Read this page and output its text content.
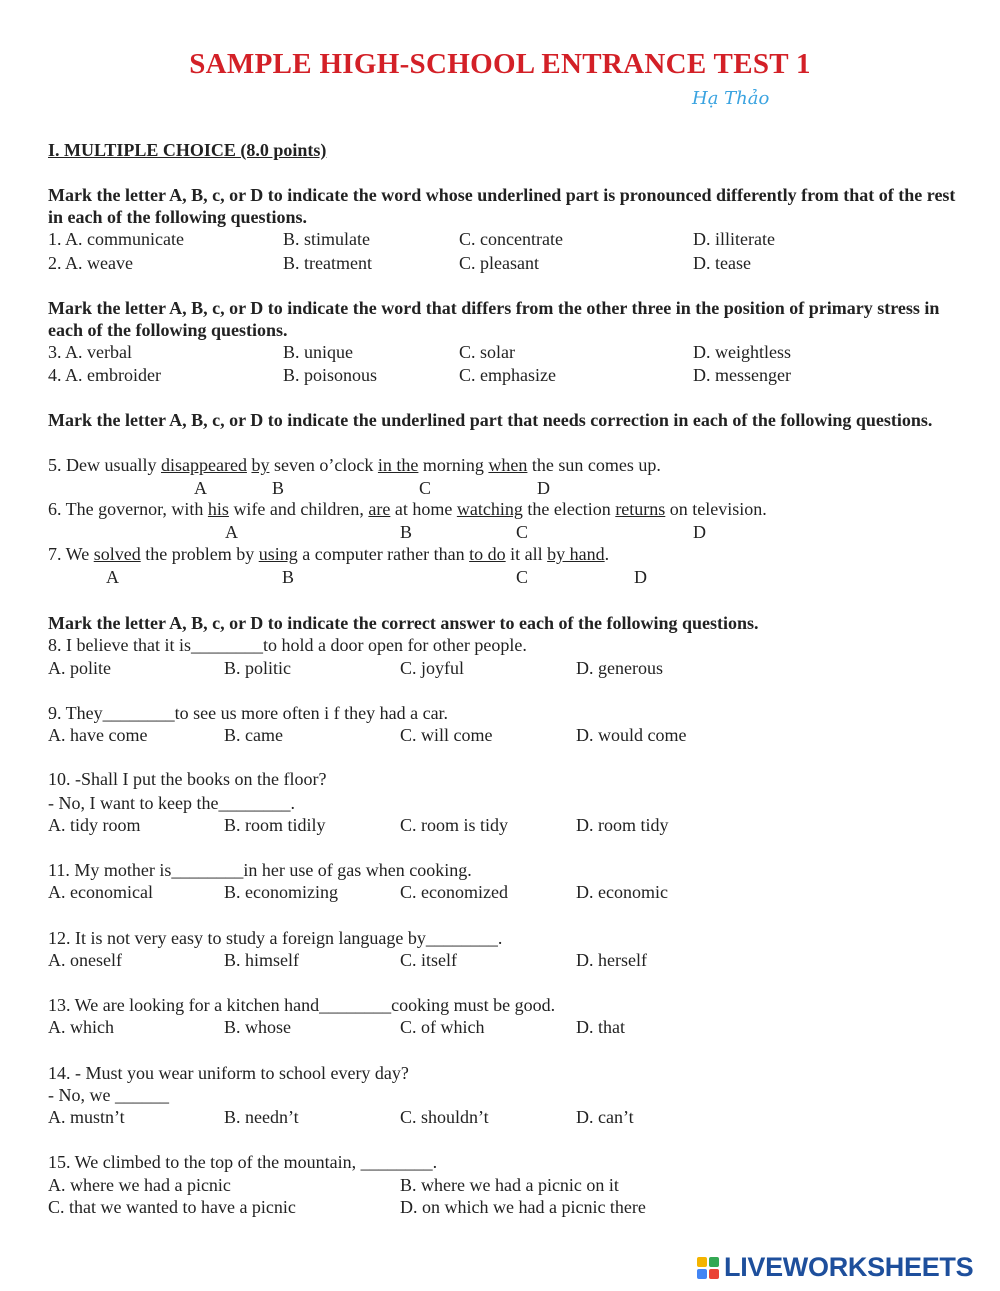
SAMPLE HIGH-SCHOOL ENTRANCE TEST 1
Hạ Thảo
I. MULTIPLE CHOICE (8.0 points)
Mark the letter A, B, c, or D to indicate the word whose underlined part is pronounced differently from that of the rest in each of the following questions.
1. A. communicate	B. stimulate	C. concentrate	D. illiterate
2. A. weave	B. treatment	C. pleasant	D. tease
Mark the letter A, B, c, or D to indicate the word that differs from the other three in the position of primary stress in each of the following questions.
3. A. verbal	B. unique	C. solar	D. weightless
4. A. embroider	B. poisonous	C. emphasize	D. messenger
Mark the letter A, B, c, or D to indicate the underlined part that needs correction in each of the following questions.
5. Dew usually disappeared by seven o’clock in the morning when the sun comes up.
A	B	C	D
6. The governor, with his wife and children, are at home watching the election returns on television.
A	B	C	D
7. We solved the problem by using a computer rather than to do it all by hand.
A	B	C	D
Mark the letter A, B, c, or D to indicate the correct answer to each of the following questions.
8. I believe that it is________to hold a door open for other people.
A. polite	B. politic	C. joyful	D. generous
9. They________to see us more often i f they had a car.
A. have come	B. came	C. will come	D. would come
10. -Shall I put the books on the floor?
- No, I want to keep the________.
A. tidy room	B. room tidily	C. room is tidy	D. room tidy
11. My mother is________in her use of gas when cooking.
A. economical	B. economizing	C. economized	D. economic
12. It is not very easy to study a foreign language by________.
A. oneself	B. himself	C. itself	D. herself
13. We are looking for a kitchen hand________cooking must be good.
A. which	B. whose	C. of which	D. that
14. - Must you wear uniform to school every day?
- No, we ______
A. mustn’t	B. needn’t	C. shouldn’t	D. can’t
15. We climbed to the top of the mountain, ________.
A. where we had a picnic	B. where we had a picnic on it
C. that we wanted to have a picnic	D. on which we had a picnic there
LIVEWORKSHEETS
